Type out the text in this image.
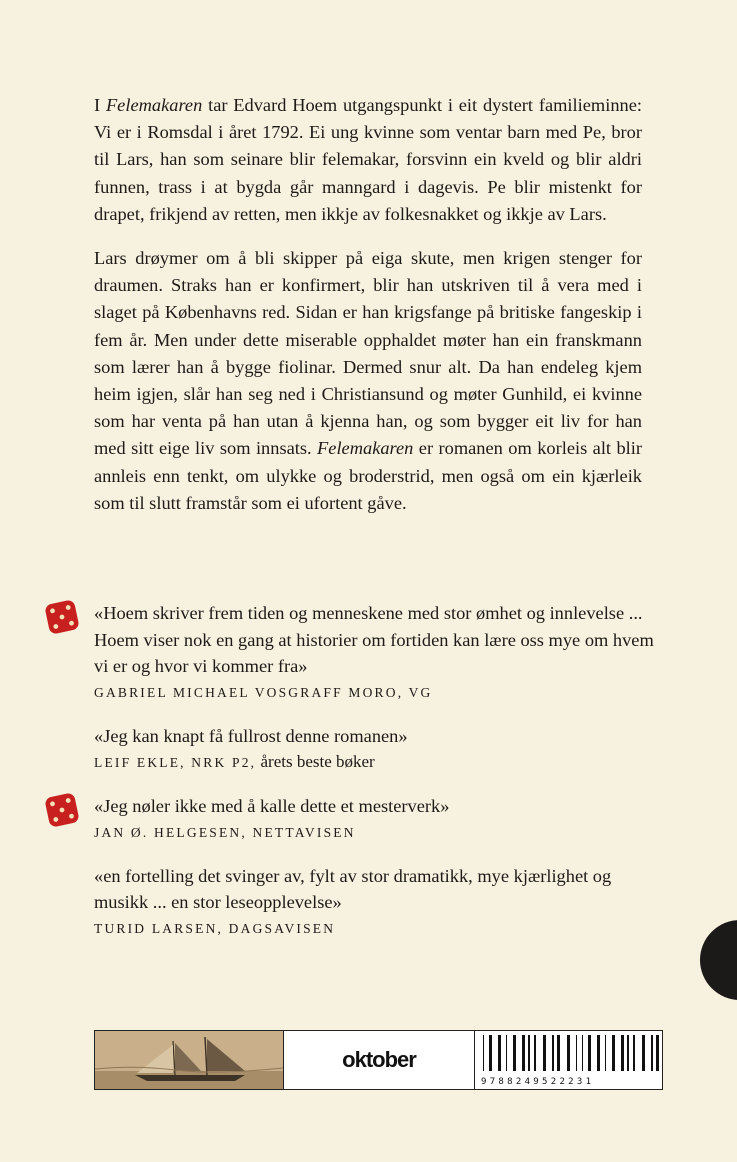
I Felemakaren tar Edvard Hoem utgangspunkt i eit dystert familieminne: Vi er i Romsdal i året 1792. Ei ung kvinne som ventar barn med Pe, bror til Lars, han som seinare blir felemakar, forsvinn ein kveld og blir aldri funnen, trass i at bygda går manngard i dagevis. Pe blir mistenkt for drapet, frikjend av retten, men ikkje av folkesnakket og ikkje av Lars.

Lars drøymer om å bli skipper på eiga skute, men krigen stenger for draumen. Straks han er konfirmert, blir han utskriven til å vera med i slaget på Københavns red. Sidan er han krigsfange på britiske fangeskip i fem år. Men under dette miserable opphaldet møter han ein franskmann som lærer han å bygge fiolinar. Dermed snur alt. Da han endeleg kjem heim igjen, slår han seg ned i Christiansund og møter Gunhild, ei kvinne som har venta på han utan å kjenna han, og som bygger eit liv for han med sitt eige liv som innsats. Felemakaren er romanen om korleis alt blir annleis enn tenkt, om ulykke og broderstrid, men også om ein kjærleik som til slutt framstår som ei ufortent gåve.

«Hoem skriver frem tiden og menneskene med stor ømhet og innlevelse ... Hoem viser nok en gang at historier om fortiden kan lære oss mye om hvem vi er og hvor vi kommer fra»

GABRIEL MICHAEL VOSGRAFF MORO, VG

«Jeg kan knapt få fullrost denne romanen»

LEIF EKLE, NRK P2, årets beste bøker

«Jeg nøler ikke med å kalle dette et mesterverk»

JAN Ø. HELGESEN, NETTAVISEN

«en fortelling det svinger av, fylt av stor dramatikk, mye kjærlighet og musikk ... en stor leseopplevelse»

TURID LARSEN, DAGSAVISEN

oktober
9788249522231
